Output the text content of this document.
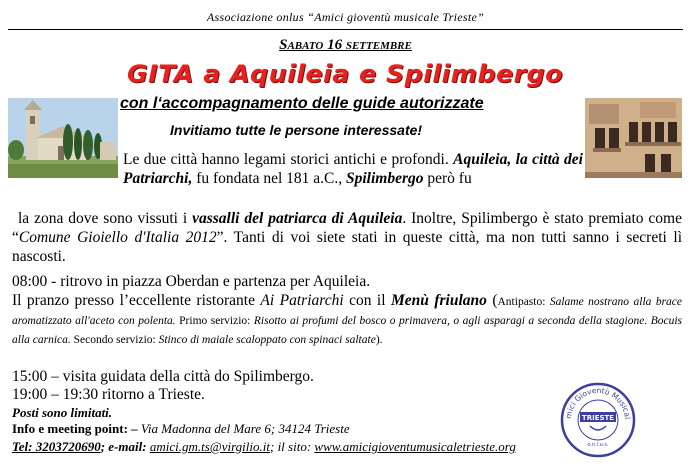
Associazione onlus “Amici gioventù musicale Trieste”
Sabato 16 settembre
GITA a Aquileia e Spilimbergo
con l‘accompagnamento delle guide autorizzate
Invitiamo tutte le persone interessate!
Le due città hanno legami storici antichi e profondi. Aquileia, la città dei Patriarchi, fu fondata nel 181 a.C., Spilimbergo però fu
la zona dove sono vissuti i vassalli del patriarca di Aquileia. Inoltre, Spilimbergo è stato premiato come “Comune Gioiello d'Italia 2012”. Tanti di voi siete stati in queste città, ma non tutti sanno i secreti lì nascosti.
08:00 - ritrovo in piazza Oberdan e partenza per Aquileia.
Il pranzo presso l’eccellente ristorante Ai Patriarchi con il Menù friulano (Antipasto: Salame nostrano alla brace aromatizzato all'aceto con polenta. Primo servizio: Risotto ai profumi del bosco o primavera, o agli asparagi a seconda della stagione. Bocuis alla carnica. Secondo servizio: Stinco di maiale scaloppato con spinaci saltate).
15:00 – visita guidata della città do Spilimbergo.
19:00 – 19:30 ritorno a Trieste.
Posti sono limitati.
Info e meeting point: – Via Madonna del Mare 6; 34124 Trieste
Tel: 3203720690; e-mail: amici.gm.ts@virgilio.it; il sito: www.amicigioventumusicaletrieste.org
mici Gioventù Musical
TRIESTE
o.n.l.u.s.
